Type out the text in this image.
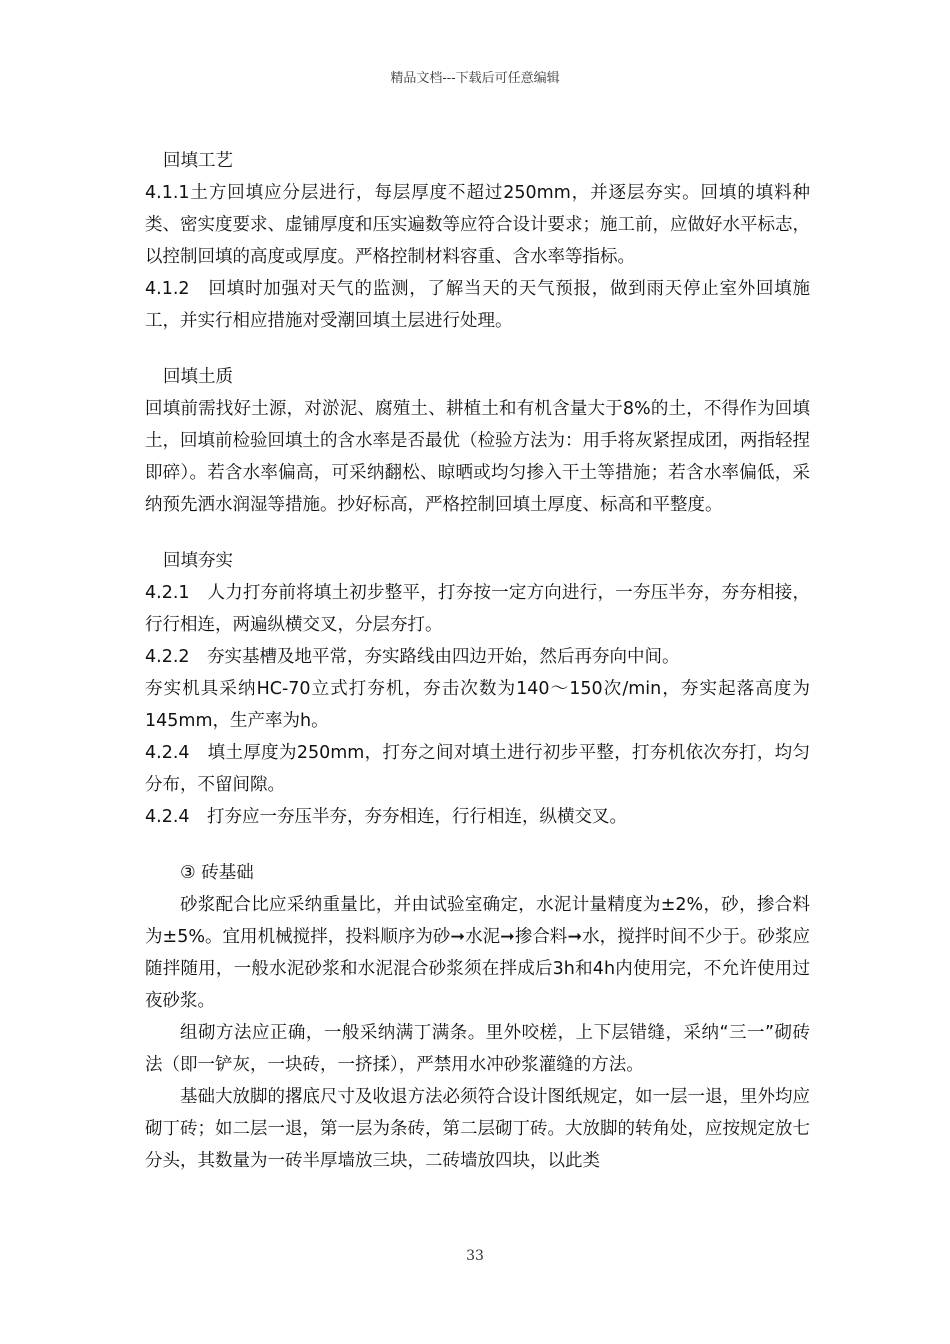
精品文档---下载后可任意编辑

回填工艺

4.1.1土方回填应分层进行，每层厚度不超过250mm，并逐层夯实。回填的填料种类、密实度要求、虚铺厚度和压实遍数等应符合设计要求；施工前，应做好水平标志，以控制回填的高度或厚度。严格控制材料容重、含水率等指标。

4.1.2　回填时加强对天气的监测，了解当天的天气预报，做到雨天停止室外回填施工，并实行相应措施对受潮回填土层进行处理。

回填土质

回填前需找好土源，对淤泥、腐殖土、耕植土和有机含量大于8%的土，不得作为回填土，回填前检验回填土的含水率是否最优（检验方法为：用手将灰紧捏成团，两指轻捏即碎）。若含水率偏高，可采纳翻松、晾晒或均匀掺入干土等措施；若含水率偏低，采纳预先洒水润湿等措施。抄好标高，严格控制回填土厚度、标高和平整度。

回填夯实

4.2.1　人力打夯前将填土初步整平，打夯按一定方向进行，一夯压半夯，夯夯相接，行行相连，两遍纵横交叉，分层夯打。

4.2.2　夯实基槽及地平常，夯实路线由四边开始，然后再夯向中间。

夯实机具采纳HC-70立式打夯机，夯击次数为140～150次/min，夯实起落高度为145mm，生产率为h。

4.2.4　填土厚度为250mm，打夯之间对填土进行初步平整，打夯机依次夯打，均匀分布，不留间隙。

4.2.4　打夯应一夯压半夯，夯夯相连，行行相连，纵横交叉。

③ 砖基础

砂浆配合比应采纳重量比，并由试验室确定，水泥计量精度为±2%，砂，掺合料为±5%。宜用机械搅拌，投料顺序为砂➞水泥➞掺合料➞水，搅拌时间不少于。砂浆应随拌随用，一般水泥砂浆和水泥混合砂浆须在拌成后3h和4h内使用完，不允许使用过夜砂浆。

组砌方法应正确，一般采纳满丁满条。里外咬槎，上下层错缝，采纳“三一”砌砖法（即一铲灰，一块砖，一挤揉），严禁用水冲砂浆灌缝的方法。

基础大放脚的撂底尺寸及收退方法必须符合设计图纸规定，如一层一退，里外均应砌丁砖；如二层一退，第一层为条砖，第二层砌丁砖。大放脚的转角处，应按规定放七分头，其数量为一砖半厚墙放三块，二砖墙放四块，以此类

33
